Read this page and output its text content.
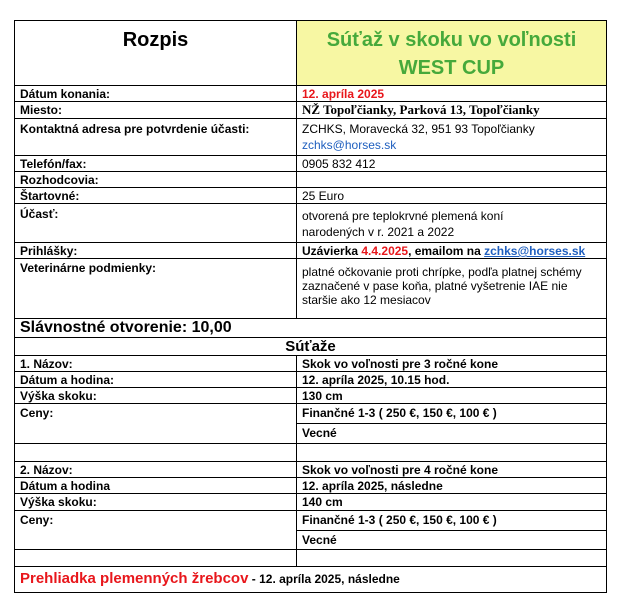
Rozpis	Súťaž v skoku vo voľnosti
WEST CUP
Dátum konania:	12. apríla 2025
Miesto:	NŽ Topoľčianky, Parková 13, Topoľčianky
Kontaktná adresa pre potvrdenie účasti:	ZCHKS, Moravecká 32, 951 93 Topoľčianky
zchks@horses.sk
Telefón/fax:	0905 832 412
Rozhodcovia:
Štartovné:	25 Euro
Účasť:	otvorená pre teplokrvné plemená koní
narodených v r. 2021 a 2022
Prihlášky:	Uzávierka 4.4.2025, emailom na zchks@horses.sk
Veterinárne podmienky:	platné očkovanie proti chrípke, podľa platnej schémy
zaznačené v pase koňa, platné vyšetrenie IAE nie
staršie ako 12 mesiacov
Slávnostné otvorenie: 10,00
Súťaže
1. Názov:	Skok vo voľnosti pre 3 ročné kone
Dátum a hodina:	12. apríla 2025, 10.15 hod.
Výška skoku:	130 cm
Ceny:	Finančné 1-3 ( 250 €, 150 €, 100 € )
Vecné
2. Názov:	Skok vo voľnosti pre 4 ročné kone
Dátum a hodina	12. apríla 2025, následne
Výška skoku:	140 cm
Ceny:	Finančné 1-3 ( 250 €, 150 €, 100 € )
Vecné
Prehliadka plemenných žrebcov - 12. apríla 2025, následne
